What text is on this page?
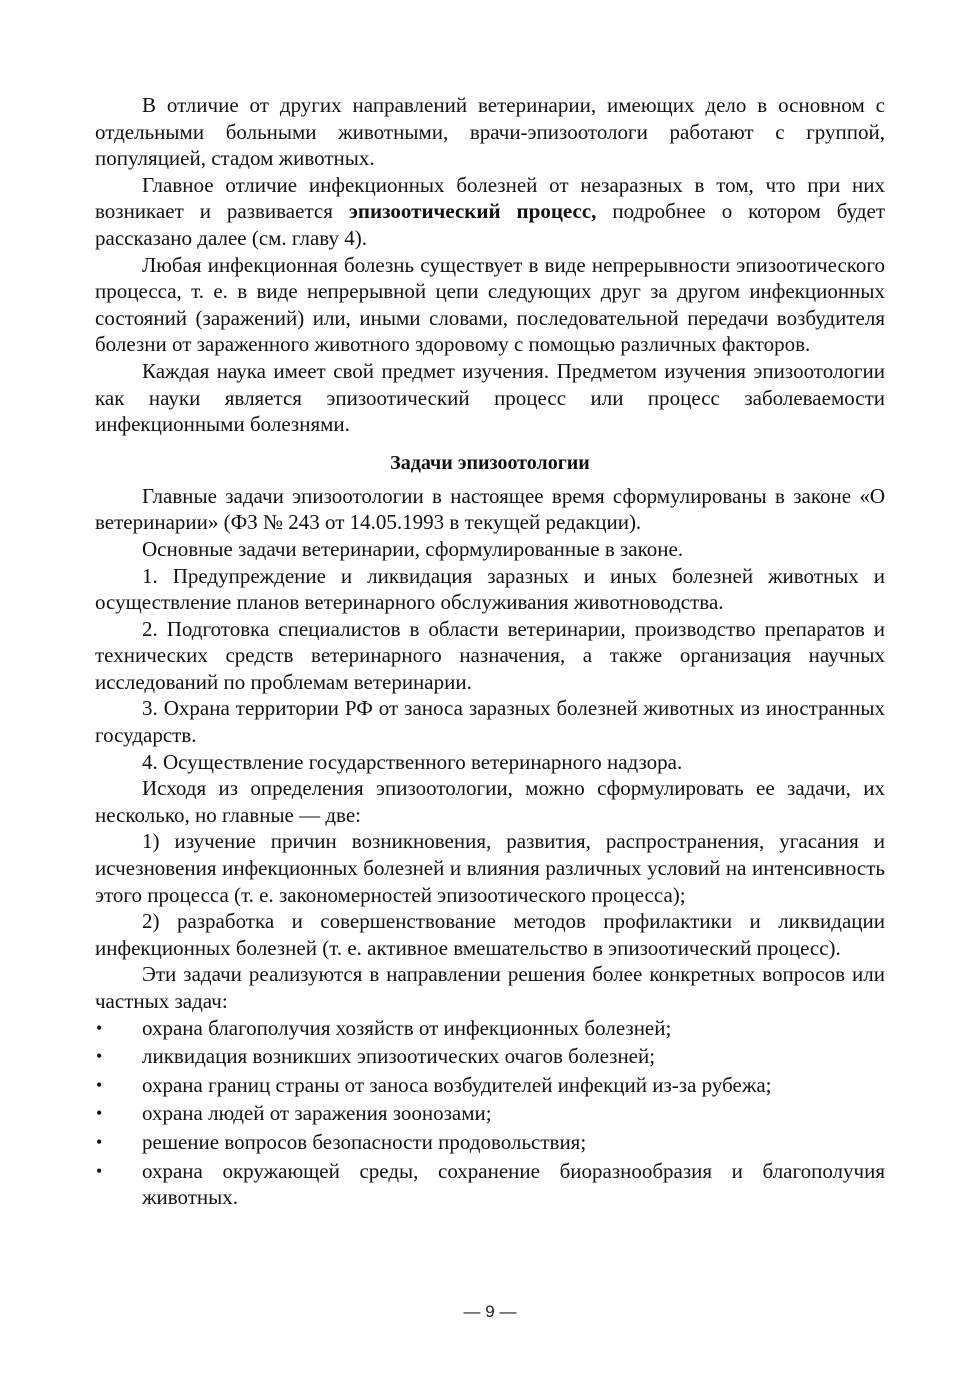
В отличие от других направлений ветеринарии, имеющих дело в основном с отдельными больными животными, врачи-эпизоотологи работают с группой, популяцией, стадом животных.

Главное отличие инфекционных болезней от незаразных в том, что при них возникает и развивается эпизоотический процесс, подробнее о котором будет рассказано далее (см. главу 4).

Любая инфекционная болезнь существует в виде непрерывности эпизоотического процесса, т. е. в виде непрерывной цепи следующих друг за другом инфекционных состояний (заражений) или, иными словами, последовательной передачи возбудителя болезни от зараженного животного здоровому с помощью различных факторов.

Каждая наука имеет свой предмет изучения. Предметом изучения эпизоотологии как науки является эпизоотический процесс или процесс заболеваемости инфекционными болезнями.

Задачи эпизоотологии

Главные задачи эпизоотологии в настоящее время сформулированы в законе «О ветеринарии» (ФЗ № 243 от 14.05.1993 в текущей редакции).

Основные задачи ветеринарии, сформулированные в законе.

1. Предупреждение и ликвидация заразных и иных болезней животных и осуществление планов ветеринарного обслуживания животноводства.

2. Подготовка специалистов в области ветеринарии, производство препаратов и технических средств ветеринарного назначения, а также организация научных исследований по проблемам ветеринарии.

3. Охрана территории РФ от заноса заразных болезней животных из иностранных государств.

4. Осуществление государственного ветеринарного надзора.

Исходя из определения эпизоотологии, можно сформулировать ее задачи, их несколько, но главные — две:

1) изучение причин возникновения, развития, распространения, угасания и исчезновения инфекционных болезней и влияния различных условий на интенсивность этого процесса (т. е. закономерностей эпизоотического процесса);

2) разработка и совершенствование методов профилактики и ликвидации инфекционных болезней (т. е. активное вмешательство в эпизоотический процесс).

Эти задачи реализуются в направлении решения более конкретных вопросов или частных задач:

• охрана благополучия хозяйств от инфекционных болезней;
• ликвидация возникших эпизоотических очагов болезней;
• охрана границ страны от заноса возбудителей инфекций из-за рубежа;
• охрана людей от заражения зоонозами;
• решение вопросов безопасности продовольствия;
• охрана окружающей среды, сохранение биоразнообразия и благополучия животных.
— 9 —
